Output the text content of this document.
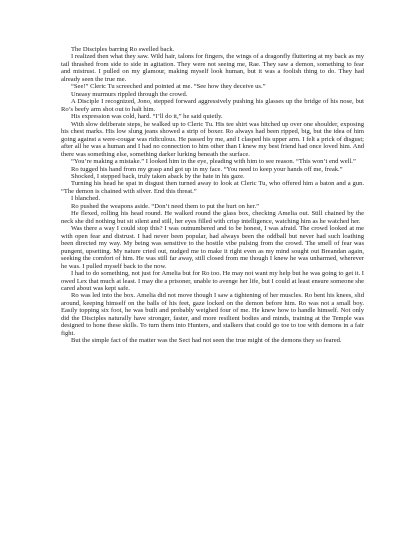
The Disciples barring Ro swelled back.

I realized then what they saw. Wild hair, talons for fingers, the wings of a dragonfly fluttering at my back as my tail thrashed from side to side in agitation. They were not seeing me, Rae. They saw a demon, something to fear and mistrust. I pulled on my glamour, making myself look human, but it was a foolish thing to do. They had already seen the true me.

“See!” Cleric Tu screeched and pointed at me. “See how they deceive us.”

Uneasy murmurs rippled through the crowd.

A Disciple I recognized, Jono, stepped forward aggressively pushing his glasses up the bridge of his nose, but Ro’s beefy arm shot out to halt him.

His expression was cold, hard. “I’ll do it,” he said quietly.

With slow deliberate steps, he walked up to Cleric Tu. His tee shirt was hitched up over one shoulder, exposing his chest marks. His low slung jeans showed a strip of boxer. Ro always had been ripped, big, but the idea of him going against a were-cougar was ridiculous. He passed by me, and I clasped his upper arm. I felt a prick of disgust; after all he was a human and I had no connection to him other than I knew my best friend had once loved him. And there was something else, something darker lurking beneath the surface.

“You’re making a mistake.” I looked him in the eye, pleading with him to see reason. “This won’t end well.”

Ro tugged his hand from my grasp and got up in my face. “You need to keep your hands off me, freak.”

Shocked, I stepped back, truly taken aback by the hate in his gaze.

Turning his head he spat in disgust then turned away to look at Cleric Tu, who offered him a baton and a gun. “The demon is chained with silver. End this threat.”

I blanched.

Ro pushed the weapons aside. “Don’t need them to put the hurt on her.”

He flexed, rolling his head round. He walked round the glass box, checking Amelia out. Still chained by the neck she did nothing but sit silent and still, her eyes filled with crisp intelligence, watching him as he watched her.

Was there a way I could stop this? I was outnumbered and to be honest, I was afraid. The crowd looked at me with open fear and distrust. I had never been popular, had always been the oddball but never had such loathing been directed my way. My being was sensitive to the hostile vibe pulsing from the crowd. The smell of fear was pungent, upsetting. My nature cried out, nudged me to make it right even as my mind sought out Breandan again, seeking the comfort of him. He was still far away, still closed from me though I knew he was unharmed, wherever he was. I pulled myself back to the now.

I had to do something, not just for Amelia but for Ro too. He may not want my help but he was going to get it. I owed Lex that much at least. I may die a prisoner, unable to avenge her life, but I could at least ensure someone she cared about was kept safe.

Ro was led into the box. Amelia did not move though I saw a tightening of her muscles. Ro bent his knees, slid around, keeping himself on the balls of his feet, gaze locked on the demon before him. Ro was not a small boy. Easily topping six foot, he was built and probably weighed four of me. He knew how to handle himself. Not only did the Disciples naturally have stronger, faster, and more resilient bodies and minds, training at the Temple was designed to hone these skills. To turn them into Hunters, and stalkers that could go toe to toe with demons in a fair fight.

But the simple fact of the matter was the Sect had not seen the true might of the demons they so feared.
